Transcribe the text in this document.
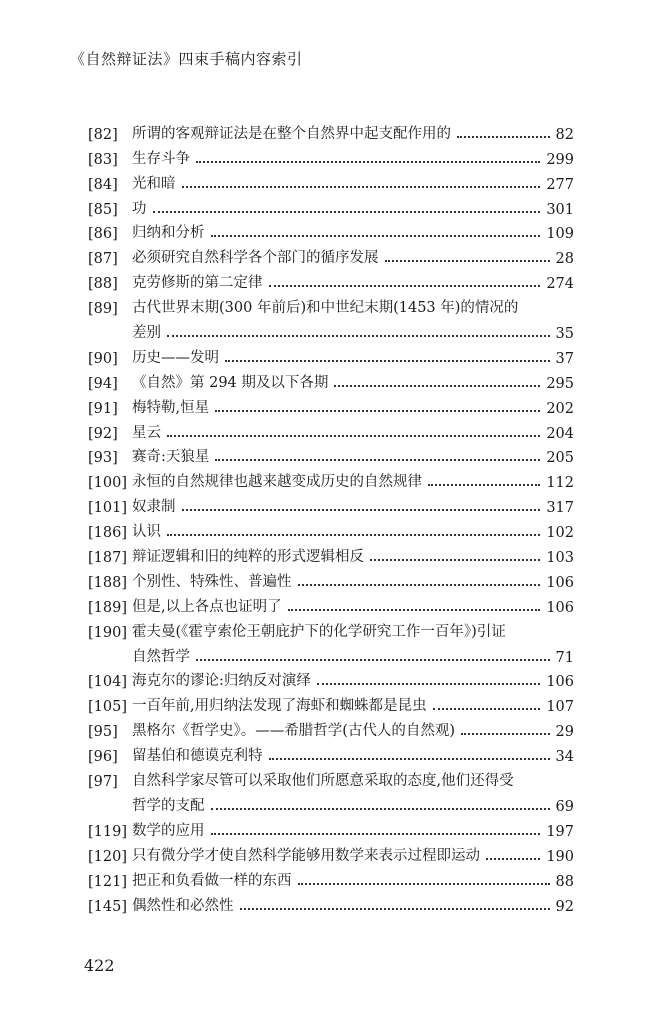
《自然辩证法》四束手稿内容索引
[82] 所谓的客观辩证法是在整个自然界中起支配作用的	82
[83] 生存斗争	299
[84] 光和暗	277
[85] 功	301
[86] 归纳和分析	109
[87] 必须研究自然科学各个部门的循序发展	28
[88] 克劳修斯的第二定律	274
[89] 古代世界末期(300 年前后)和中世纪末期(1453 年)的情况的
差别	35
[90] 历史——发明	37
[94] 《自然》第 294 期及以下各期	295
[91] 梅特勒,恒星	202
[92] 星云	204
[93] 赛奇:天狼星	205
[100] 永恒的自然规律也越来越变成历史的自然规律	112
[101] 奴隶制	317
[186] 认识	102
[187] 辩证逻辑和旧的纯粹的形式逻辑相反	103
[188] 个别性、特殊性、普遍性	106
[189] 但是,以上各点也证明了	106
[190] 霍夫曼(《霍亨索伦王朝庇护下的化学研究工作一百年》)引证
自然哲学	71
[104] 海克尔的谬论:归纳反对演绎	106
[105] 一百年前,用归纳法发现了海虾和蜘蛛都是昆虫	107
[95] 黑格尔《哲学史》。——希腊哲学(古代人的自然观)	29
[96] 留基伯和德谟克利特	34
[97] 自然科学家尽管可以采取他们所愿意采取的态度,他们还得受
哲学的支配	69
[119] 数学的应用	197
[120] 只有微分学才使自然科学能够用数学来表示过程即运动	190
[121] 把正和负看做一样的东西	88
[145] 偶然性和必然性	92
422
